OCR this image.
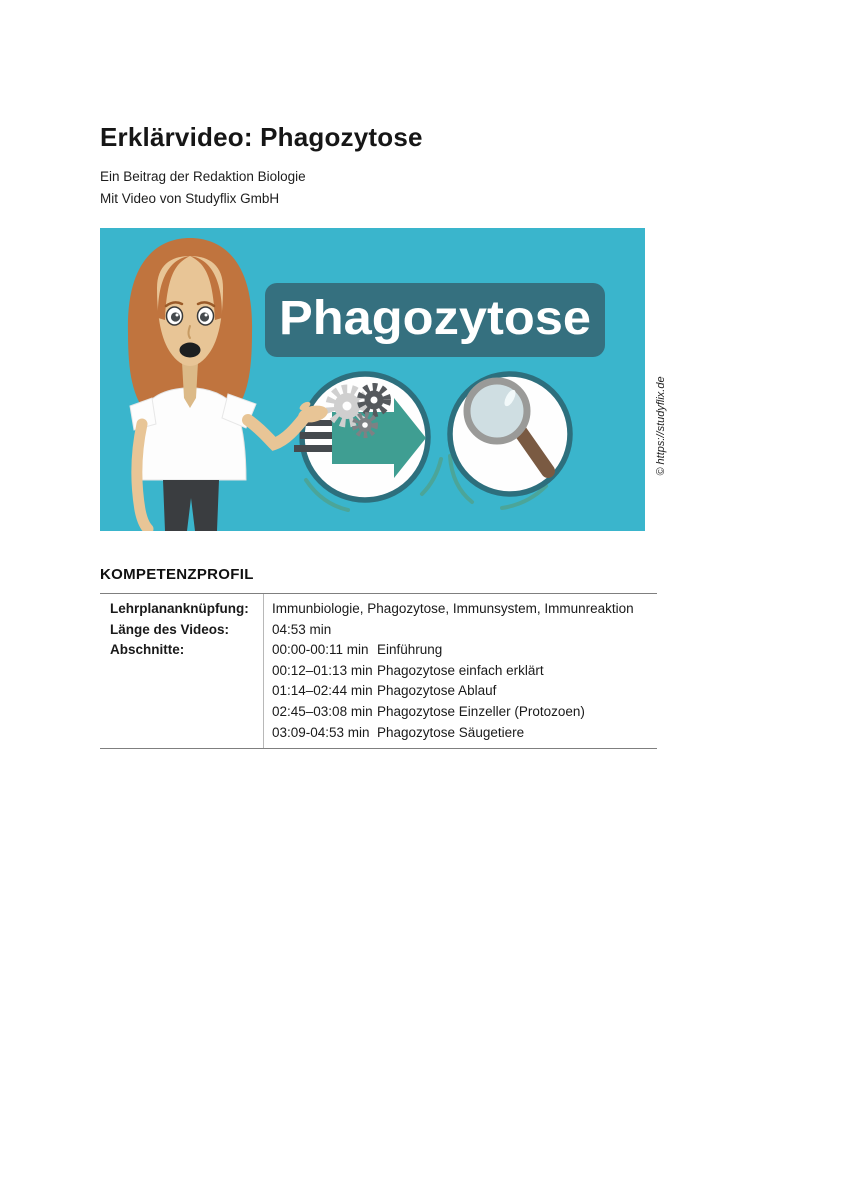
Erklärvideo: Phagozytose
Ein Beitrag der Redaktion Biologie
Mit Video von Studyflix GmbH
Phagozytose
© https://studyflix.de
KOMPETENZPROFIL
Lehrplananknüpfung:
Länge des Videos:
Abschnitte:
Immunbiologie, Phagozytose, Immunsystem, Immunreaktion
04:53 min
00:00-00:11 min Einführung
00:12–01:13 min Phagozytose einfach erklärt
01:14–02:44 min Phagozytose Ablauf
02:45–03:08 min Phagozytose Einzeller (Protozoen)
03:09-04:53 min Phagozytose Säugetiere
